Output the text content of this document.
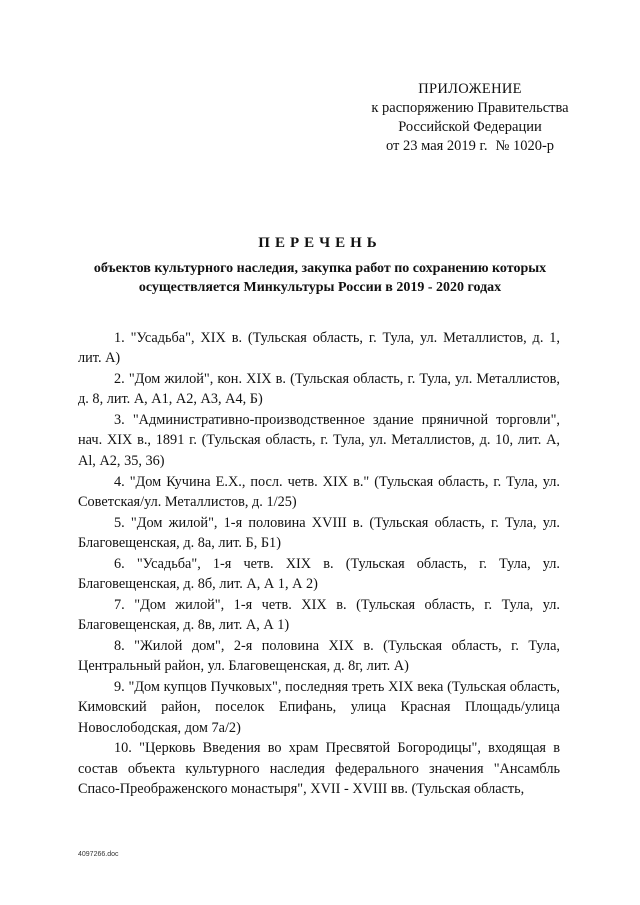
ПРИЛОЖЕНИЕ
к распоряжению Правительства
Российской Федерации
от 23 мая 2019 г. № 1020-р
ПЕРЕЧЕНЬ
объектов культурного наследия, закупка работ по сохранению которых осуществляется Минкультуры России в 2019 - 2020 годах

1. "Усадьба", XIX в. (Тульская область, г. Тула, ул. Металлистов, д. 1, лит. А)

2. "Дом жилой", кон. XIX в. (Тульская область, г. Тула, ул. Металлистов, д. 8, лит. А, А1, А2, А3, А4, Б)

3. "Административно-производственное здание пряничной торговли", нач. XIX в., 1891 г. (Тульская область, г. Тула, ул. Металлистов, д. 10, лит. А, Аl, А2, 35, 36)

4. "Дом Кучина Е.Х., посл. четв. XIX в." (Тульская область, г. Тула, ул. Советская/ул. Металлистов, д. 1/25)

5. "Дом жилой", 1-я половина XVIII в. (Тульская область, г. Тула, ул. Благовещенская, д. 8а, лит. Б, Б1)

6. "Усадьба", 1-я четв. XIX в. (Тульская область, г. Тула, ул. Благовещенская, д. 8б, лит. А, А 1, А 2)

7. "Дом жилой", 1-я четв. XIX в. (Тульская область, г. Тула, ул. Благовещенская, д. 8в, лит. А, А 1)

8. "Жилой дом", 2-я половина XIX в. (Тульская область, г. Тула, Центральный район, ул. Благовещенская, д. 8г, лит. А)

9. "Дом купцов Пучковых", последняя треть XIX века (Тульская область, Кимовский район, поселок Епифань, улица Красная Площадь/улица Новослободская, дом 7а/2)

10. "Церковь Введения во храм Пресвятой Богородицы", входящая в состав объекта культурного наследия федерального значения "Ансамбль Спасо-Преображенского монастыря", XVII - XVIII вв. (Тульская область,

4097266.doc
